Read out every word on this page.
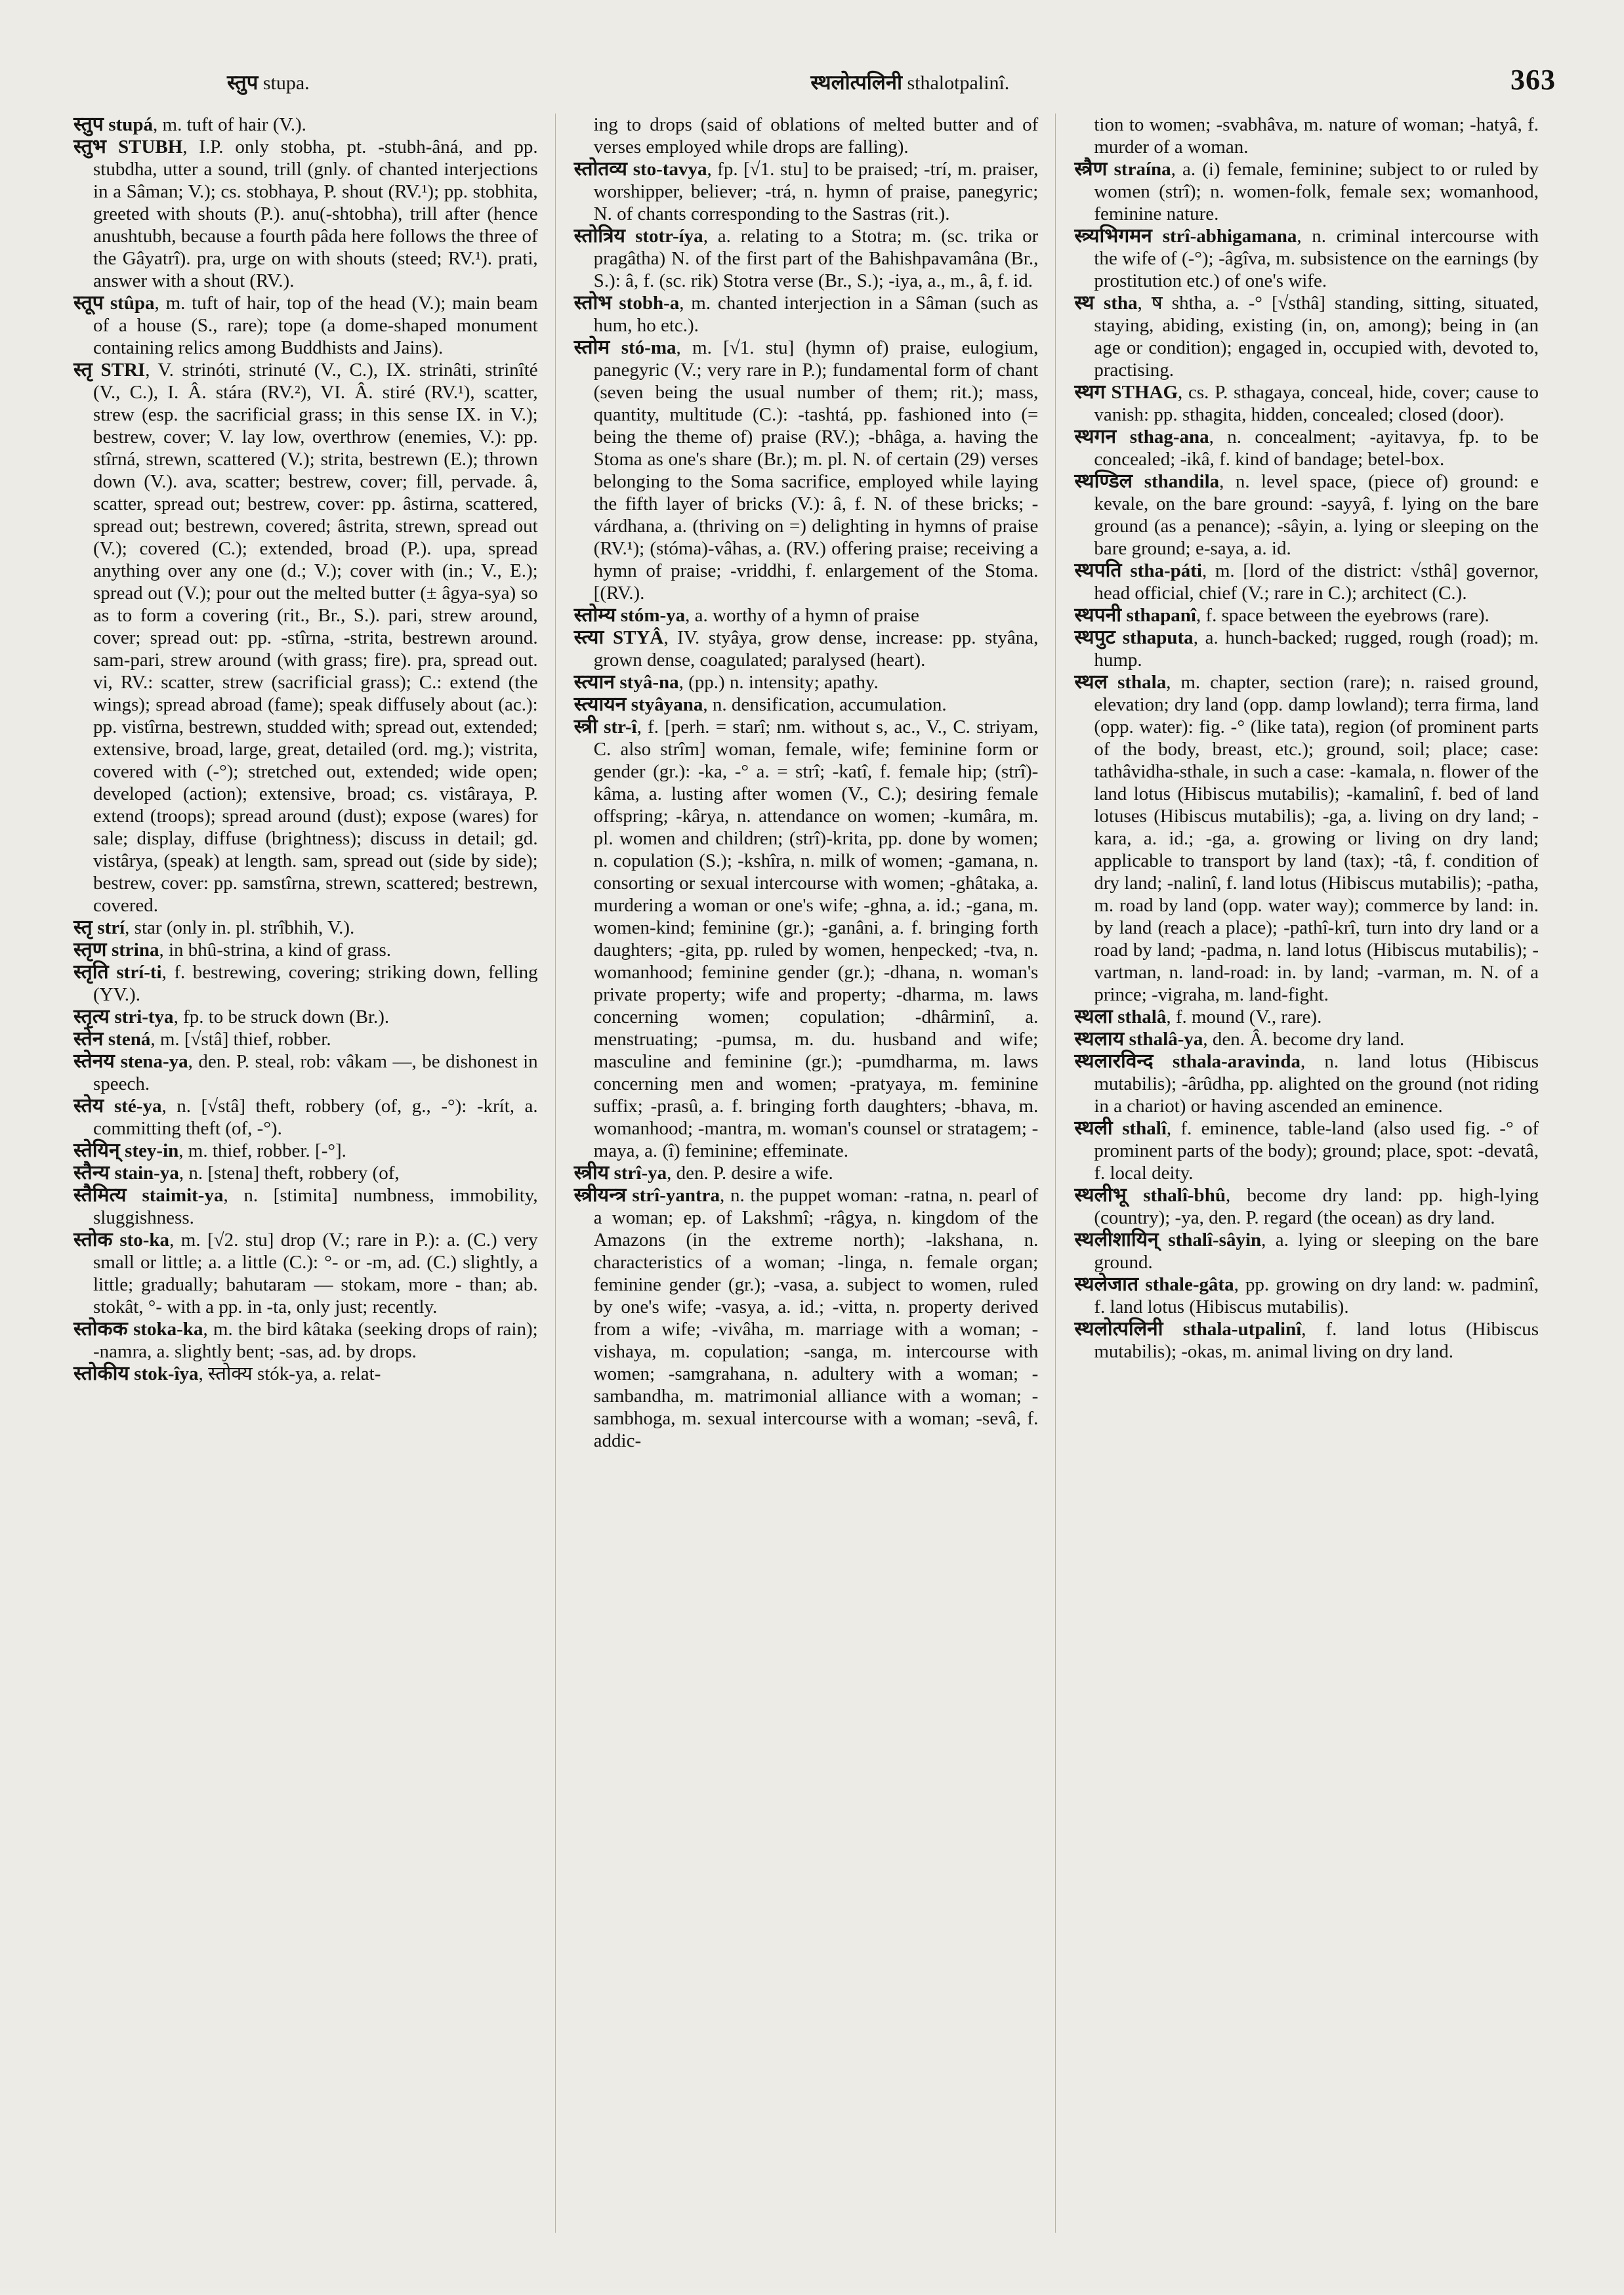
स्तुप stupa.	स्थलोत्पलिनी sthalotpalinî.	363

स्तुप stupá, m. tuft of hair (V.).

स्तुभ STUBH, I.P. only stobha, pt. -stubh-âná, and pp. stubdha, utter a sound, trill (gnly. of chanted interjections in a Sâman; V.); cs. stobhaya, P. shout (RV.¹); pp. stobhita, greeted with shouts (P.). anu(-shtobha), trill after (hence anushtubh, because a fourth pâda here follows the three of the Gâyatrî). pra, urge on with shouts (steed; RV.¹). prati, answer with a shout (RV.).

स्तूप stûpa, m. tuft of hair, top of the head (V.); main beam of a house (S., rare); tope (a dome-shaped monument containing relics among Buddhists and Jains).

स्तृ STRI, V. strinóti, strinuté (V., C.), IX. strinâti, strinîté (V., C.), I. Â. stára (RV.²), VI. Â. stiré (RV.¹), scatter, strew (esp. the sacrificial grass; in this sense IX. in V.); bestrew, cover; V. lay low, overthrow (enemies, V.): pp. stîrná, strewn, scattered (V.); strita, bestrewn (E.); thrown down (V.). ava, scatter; bestrew, cover; fill, pervade. â, scatter, spread out; bestrew, cover: pp. âstirna, scattered, spread out; bestrewn, covered; âstrita, strewn, spread out (V.); covered (C.); extended, broad (P.). upa, spread anything over any one (d.; V.); cover with (in.; V., E.); spread out (V.); pour out the melted butter (± âgya-sya) so as to form a covering (rit., Br., S.). pari, strew around, cover; spread out: pp. -stîrna, -strita, bestrewn around. sam-pari, strew around (with grass; fire). pra, spread out. vi, RV.: scatter, strew (sacrificial grass); C.: extend (the wings); spread abroad (fame); speak diffusely about (ac.): pp. vistîrna, bestrewn, studded with; spread out, extended; extensive, broad, large, great, detailed (ord. mg.); vistrita, covered with (-°); stretched out, extended; wide open; developed (action); extensive, broad; cs. vistâraya, P. extend (troops); spread around (dust); expose (wares) for sale; display, diffuse (brightness); discuss in detail; gd. vistârya, (speak) at length. sam, spread out (side by side); bestrew, cover: pp. samstîrna, strewn, scattered; bestrewn, covered.

स्तृ strí, star (only in. pl. strîbhih, V.).

स्तृण strina, in bhû-strina, a kind of grass.

स्तृति strí-ti, f. bestrewing, covering; striking down, felling (YV.).

स्तृत्य stri-tya, fp. to be struck down (Br.).

स्तेन stená, m. [√stâ] thief, robber.

स्तेनय stena-ya, den. P. steal, rob: vâkam —, be dishonest in speech.

स्तेय sté-ya, n. [√stâ] theft, robbery (of, g., -°): -krít, a. committing theft (of, -°).

स्तेयिन् stey-in, m. thief, robber. [-°].

स्तैन्य stain-ya, n. [stena] theft, robbery (of,

स्तैमित्य staimit-ya, n. [stimita] numbness, immobility, sluggishness.

स्तोक sto-ka, m. [√2. stu] drop (V.; rare in P.): a. (C.) very small or little; a. a little (C.): °- or -m, ad. (C.) slightly, a little; gradually; bahutaram — stokam, more - than; ab. stokât, °- with a pp. in -ta, only just; recently.

स्तोकक stoka-ka, m. the bird kâtaka (seeking drops of rain); -namra, a. slightly bent; -sas, ad. by drops.

स्तोकीय stok-îya, स्तोक्य stók-ya, a. relat-

ing to drops (said of oblations of melted butter and of verses employed while drops are falling).

स्तोतव्य sto-tavya, fp. [√1. stu] to be praised; -trí, m. praiser, worshipper, believer; -trá, n. hymn of praise, panegyric; N. of chants corresponding to the Sastras (rit.).

स्तोत्रिय stotr-íya, a. relating to a Stotra; m. (sc. trika or pragâtha) N. of the first part of the Bahishpavamâna (Br., S.): â, f. (sc. rik) Stotra verse (Br., S.); -iya, a., m., â, f. id.

स्तोभ stobh-a, m. chanted interjection in a Sâman (such as hum, ho etc.).

स्तोम stó-ma, m. [√1. stu] (hymn of) praise, eulogium, panegyric (V.; very rare in P.); fundamental form of chant (seven being the usual number of them; rit.); mass, quantity, multitude (C.): -tashtá, pp. fashioned into (= being the theme of) praise (RV.); -bhâga, a. having the Stoma as one's share (Br.); m. pl. N. of certain (29) verses belonging to the Soma sacrifice, employed while laying the fifth layer of bricks (V.): â, f. N. of these bricks; -várdhana, a. (thriving on =) delighting in hymns of praise (RV.¹); (stóma)-vâhas, a. (RV.) offering praise; receiving a hymn of praise; -vriddhi, f. enlargement of the Stoma. [(RV.).

स्तोम्य stóm-ya, a. worthy of a hymn of praise

स्त्या STYÂ, IV. styâya, grow dense, increase: pp. styâna, grown dense, coagulated; paralysed (heart).

स्त्यान styâ-na, (pp.) n. intensity; apathy.

स्त्यायन styâyana, n. densification, accumulation.

स्त्री str-î, f. [perh. = starî; nm. without s, ac., V., C. striyam, C. also strîm] woman, female, wife; feminine form or gender (gr.): -ka, -° a. = strî; -katî, f. female hip; (strî)-kâma, a. lusting after women (V., C.); desiring female offspring; -kârya, n. attendance on women; -kumâra, m. pl. women and children; (strî)-krita, pp. done by women; n. copulation (S.); -kshîra, n. milk of women; -gamana, n. consorting or sexual intercourse with women; -ghâtaka, a. murdering a woman or one's wife; -ghna, a. id.; -gana, m. women-kind; feminine (gr.); -ganâni, a. f. bringing forth daughters; -gita, pp. ruled by women, henpecked; -tva, n. womanhood; feminine gender (gr.); -dhana, n. woman's private property; wife and property; -dharma, m. laws concerning women; copulation; -dhârminî, a. menstruating; -pumsa, m. du. husband and wife; masculine and feminine (gr.); -pumdharma, m. laws concerning men and women; -pratyaya, m. feminine suffix; -prasû, a. f. bringing forth daughters; -bhava, m. womanhood; -mantra, m. woman's counsel or stratagem; -maya, a. (î) feminine; effeminate.

स्त्रीय strî-ya, den. P. desire a wife.

स्त्रीयन्त्र strî-yantra, n. the puppet woman: -ratna, n. pearl of a woman; ep. of Lakshmî; -râgya, n. kingdom of the Amazons (in the extreme north); -lakshana, n. characteristics of a woman; -linga, n. female organ; feminine gender (gr.); -vasa, a. subject to women, ruled by one's wife; -vasya, a. id.; -vitta, n. property derived from a wife; -vivâha, m. marriage with a woman; -vishaya, m. copulation; -sanga, m. intercourse with women; -samgrahana, n. adultery with a woman; -sambandha, m. matrimonial alliance with a woman; -sambhoga, m. sexual intercourse with a woman; -sevâ, f. addic-

tion to women; -svabhâva, m. nature of woman; -hatyâ, f. murder of a woman.

स्त्रैण straína, a. (i) female, feminine; subject to or ruled by women (strî); n. women-folk, female sex; womanhood, feminine nature.

स्त्र्यभिगमन strî-abhigamana, n. criminal intercourse with the wife of (-°); -âgîva, m. subsistence on the earnings (by prostitution etc.) of one's wife.

स्थ stha, ष shtha, a. -° [√sthâ] standing, sitting, situated, staying, abiding, existing (in, on, among); being in (an age or condition); engaged in, occupied with, devoted to, practising.

स्थग STHAG, cs. P. sthagaya, conceal, hide, cover; cause to vanish: pp. sthagita, hidden, concealed; closed (door).

स्थगन sthag-ana, n. concealment; -ayitavya, fp. to be concealed; -ikâ, f. kind of bandage; betel-box.

स्थण्डिल sthandila, n. level space, (piece of) ground: e kevale, on the bare ground: -sayyâ, f. lying on the bare ground (as a penance); -sâyin, a. lying or sleeping on the bare ground; e-saya, a. id.

स्थपति stha-páti, m. [lord of the district: √sthâ] governor, head official, chief (V.; rare in C.); architect (C.).

स्थपनी sthapanî, f. space between the eyebrows (rare).

स्थपुट sthaputa, a. hunch-backed; rugged, rough (road); m. hump.

स्थल sthala, m. chapter, section (rare); n. raised ground, elevation; dry land (opp. damp lowland); terra firma, land (opp. water): fig. -° (like tata), region (of prominent parts of the body, breast, etc.); ground, soil; place; case: tathâvidha-sthale, in such a case: -kamala, n. flower of the land lotus (Hibiscus mutabilis); -kamalinî, f. bed of land lotuses (Hibiscus mutabilis); -ga, a. living on dry land; -kara, a. id.; -ga, a. growing or living on dry land; applicable to transport by land (tax); -tâ, f. condition of dry land; -nalinî, f. land lotus (Hibiscus mutabilis); -patha, m. road by land (opp. water way); commerce by land: in. by land (reach a place); -pathî-krî, turn into dry land or a road by land; -padma, n. land lotus (Hibiscus mutabilis); -vartman, n. land-road: in. by land; -varman, m. N. of a prince; -vigraha, m. land-fight.

स्थला sthalâ, f. mound (V., rare).

स्थलाय sthalâ-ya, den. Â. become dry land.

स्थलारविन्द sthala-aravinda, n. land lotus (Hibiscus mutabilis); -ârûdha, pp. alighted on the ground (not riding in a chariot) or having ascended an eminence.

स्थली sthalî, f. eminence, table-land (also used fig. -° of prominent parts of the body); ground; place, spot: -devatâ, f. local deity.

स्थलीभू sthalî-bhû, become dry land: pp. high-lying (country); -ya, den. P. regard (the ocean) as dry land.

स्थलीशायिन् sthalî-sâyin, a. lying or sleeping on the bare ground.

स्थलेजात sthale-gâta, pp. growing on dry land: w. padminî, f. land lotus (Hibiscus mutabilis).

स्थलोत्पलिनी sthala-utpalinî, f. land lotus (Hibiscus mutabilis); -okas, m. animal living on dry land.
